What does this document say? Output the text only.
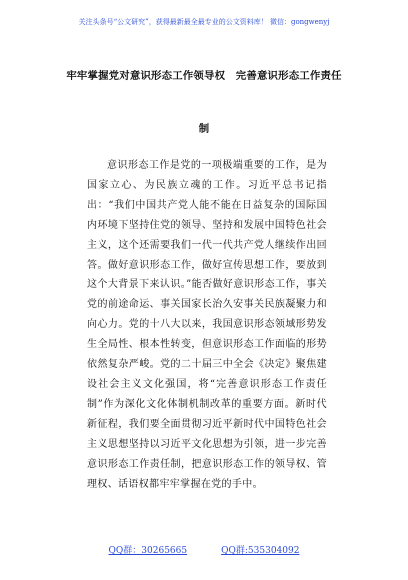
关注头条号“公文研究”，获得最新最全最专业的公文资料库！ 微信：gongwenyj
牢牢掌握党对意识形态工作领导权　完善意识形态工作责任
制

意识形态工作是党的一项极端重要的工作，是为国家立心、为民族立魂的工作。习近平总书记指出：“我们中国共产党人能不能在日益复杂的国际国内环境下坚持住党的领导、坚持和发展中国特色社会主义，这个还需要我们一代一代共产党人继续作出回答。做好意识形态工作，做好宣传思想工作，要放到这个大背景下来认识。”能否做好意识形态工作，事关党的前途命运、事关国家长治久安事关民族凝聚力和向心力。党的十八大以来，我国意识形态领域形势发生全局性、根本性转变，但意识形态工作面临的形势依然复杂严峻。党的二十届三中全会《决定》聚焦建设社会主义文化强国，将“完善意识形态工作责任制”作为深化文化体制机制改革的重要方面。新时代新征程，我们要全面贯彻习近平新时代中国特色社会主义思想坚持以习近平文化思想为引领，进一步完善意识形态工作责任制，把意识形态工作的领导权、管理权、话语权都牢牢掌握在党的手中。

QQ群：30265665	QQ群:535304092
